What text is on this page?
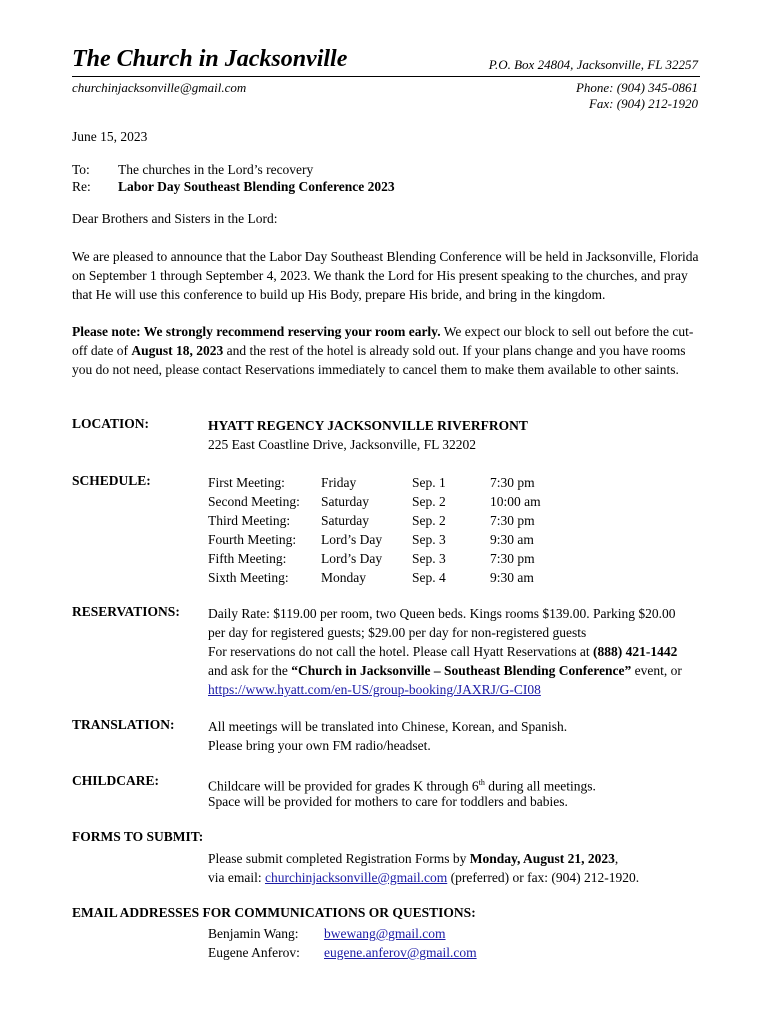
The Church in Jacksonville	P.O. Box 24804, Jacksonville, FL 32257
churchinjacksonville@gmail.com	Phone: (904) 345-0861
Fax: (904) 212-1920
June 15, 2023
To: The churches in the Lord’s recovery
Re: Labor Day Southeast Blending Conference 2023
Dear Brothers and Sisters in the Lord:
We are pleased to announce that the Labor Day Southeast Blending Conference will be held in Jacksonville, Florida on September 1 through September 4, 2023. We thank the Lord for His present speaking to the churches, and pray that He will use this conference to build up His Body, prepare His bride, and bring in the kingdom.
Please note: We strongly recommend reserving your room early. We expect our block to sell out before the cut-off date of August 18, 2023 and the rest of the hotel is already sold out. If your plans change and you have rooms you do not need, please contact Reservations immediately to cancel them to make them available to other saints.
LOCATION:	HYATT REGENCY JACKSONVILLE RIVERFRONT
225 East Coastline Drive, Jacksonville, FL 32202
SCHEDULE:	First Meeting:	Friday	Sep. 1	7:30 pm
Second Meeting: Saturday	Sep. 2	10:00 am
Third Meeting: Saturday	Sep. 2	7:30 pm
Fourth Meeting: Lord’s Day Sep. 3	9:30 am
Fifth Meeting:	Lord’s Day Sep. 3	7:30 pm
Sixth Meeting: Monday	Sep. 4	9:30 am
RESERVATIONS: Daily Rate: $119.00 per room, two Queen beds. Kings rooms $139.00. Parking $20.00
per day for registered guests; $29.00 per day for non-registered guests
For reservations do not call the hotel. Please call Hyatt Reservations at (888) 421-1442
and ask for the “Church in Jacksonville – Southeast Blending Conference” event, or
https://www.hyatt.com/en-US/group-booking/JAXRJ/G-CI08
TRANSLATION: All meetings will be translated into Chinese, Korean, and Spanish.
Please bring your own FM radio/headset.
CHILDCARE:	Childcare will be provided for grades K through 6th during all meetings.
Space will be provided for mothers to care for toddlers and babies.
FORMS TO SUBMIT:
Please submit completed Registration Forms by Monday, August 21, 2023,
via email: churchinjacksonville@gmail.com (preferred) or fax: (904) 212-1920.
EMAIL ADDRESSES FOR COMMUNICATIONS OR QUESTIONS:
Benjamin Wang: bwewang@gmail.com
Eugene Anferov: eugene.anferov@gmail.com
